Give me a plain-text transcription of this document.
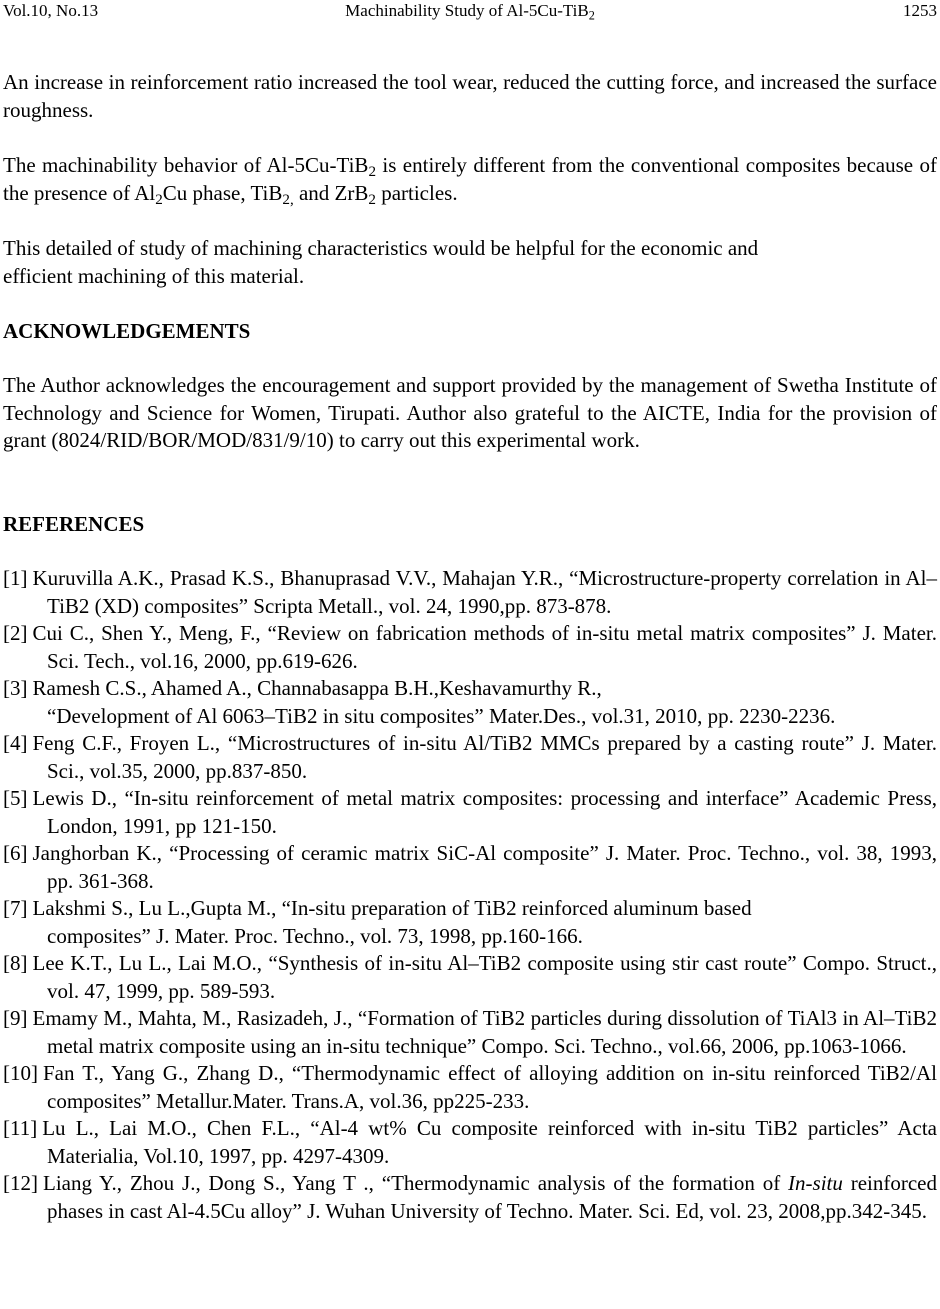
Vol.10, No.13	Machinability Study of Al-5Cu-TiB$_2$	1253
An increase in reinforcement ratio increased the tool wear, reduced the cutting force, and increased the surface roughness.
The machinability behavior of Al-5Cu-TiB$_2$ is entirely different from the conventional composites because of the presence of $Al_2Cu$ phase, TiB$_{2,}$ and ZrB$_2$ particles.
This detailed of study of machining characteristics would be helpful for the economic and
efficient machining of this material.
ACKNOWLEDGEMENTS
The Author acknowledges the encouragement and support provided by the management of Swetha Institute of Technology and Science for Women, Tirupati. Author also grateful to the AICTE, India for the provision of grant (8024/RID/BOR/MOD/831/9/10) to carry out this experimental work.
REFERENCES
[1] Kuruvilla A.K., Prasad K.S., Bhanuprasad V.V., Mahajan Y.R., “Microstructure-property correlation in Al–TiB2 (XD) composites” Scripta Metall., vol. 24, 1990,pp. 873-878.
[2] Cui C., Shen Y., Meng, F., “Review on fabrication methods of in-situ metal matrix composites” J. Mater. Sci. Tech., vol.16, 2000, pp.619-626.
[3] Ramesh C.S., Ahamed A., Channabasappa B.H.,Keshavamurthy R.,
“Development of Al 6063–TiB2 in situ composites” Mater.Des., vol.31, 2010, pp. 2230-2236.
[4] Feng C.F., Froyen L., “Microstructures of in-situ Al/TiB2 MMCs prepared by a casting route” J. Mater. Sci., vol.35, 2000, pp.837-850.
[5] Lewis D., “In-situ reinforcement of metal matrix composites: processing and interface” Academic Press, London, 1991, pp 121-150.
[6] Janghorban K., “Processing of ceramic matrix SiC-Al composite” J. Mater. Proc. Techno., vol. 38, 1993, pp. 361-368.
[7] Lakshmi S., Lu L.,Gupta M., “In-situ preparation of TiB2 reinforced aluminum based
composites” J. Mater. Proc. Techno., vol. 73, 1998, pp.160-166.
[8] Lee K.T., Lu L., Lai M.O., “Synthesis of in-situ Al–TiB2 composite using stir cast route” Compo. Struct., vol. 47, 1999, pp. 589-593.
[9] Emamy M., Mahta, M., Rasizadeh, J., “Formation of TiB2 particles during dissolution of TiAl3 in Al–TiB2 metal matrix composite using an in-situ technique” Compo. Sci. Techno., vol.66, 2006, pp.1063-1066.
[10] Fan T., Yang G., Zhang D., “Thermodynamic effect of alloying addition on in-situ reinforced TiB2/Al composites” Metallur.Mater. Trans.A, vol.36, pp225-233.
[11] Lu L., Lai M.O., Chen F.L., “Al-4 wt% Cu composite reinforced with in-situ TiB2 particles” Acta Materialia, Vol.10, 1997, pp. 4297-4309.
[12] Liang Y., Zhou J., Dong S., Yang T ., “Thermodynamic analysis of the formation of In-situ reinforced phases in cast Al-4.5Cu alloy” J. Wuhan University of Techno. Mater. Sci. Ed, vol. 23, 2008,pp.342-345.
